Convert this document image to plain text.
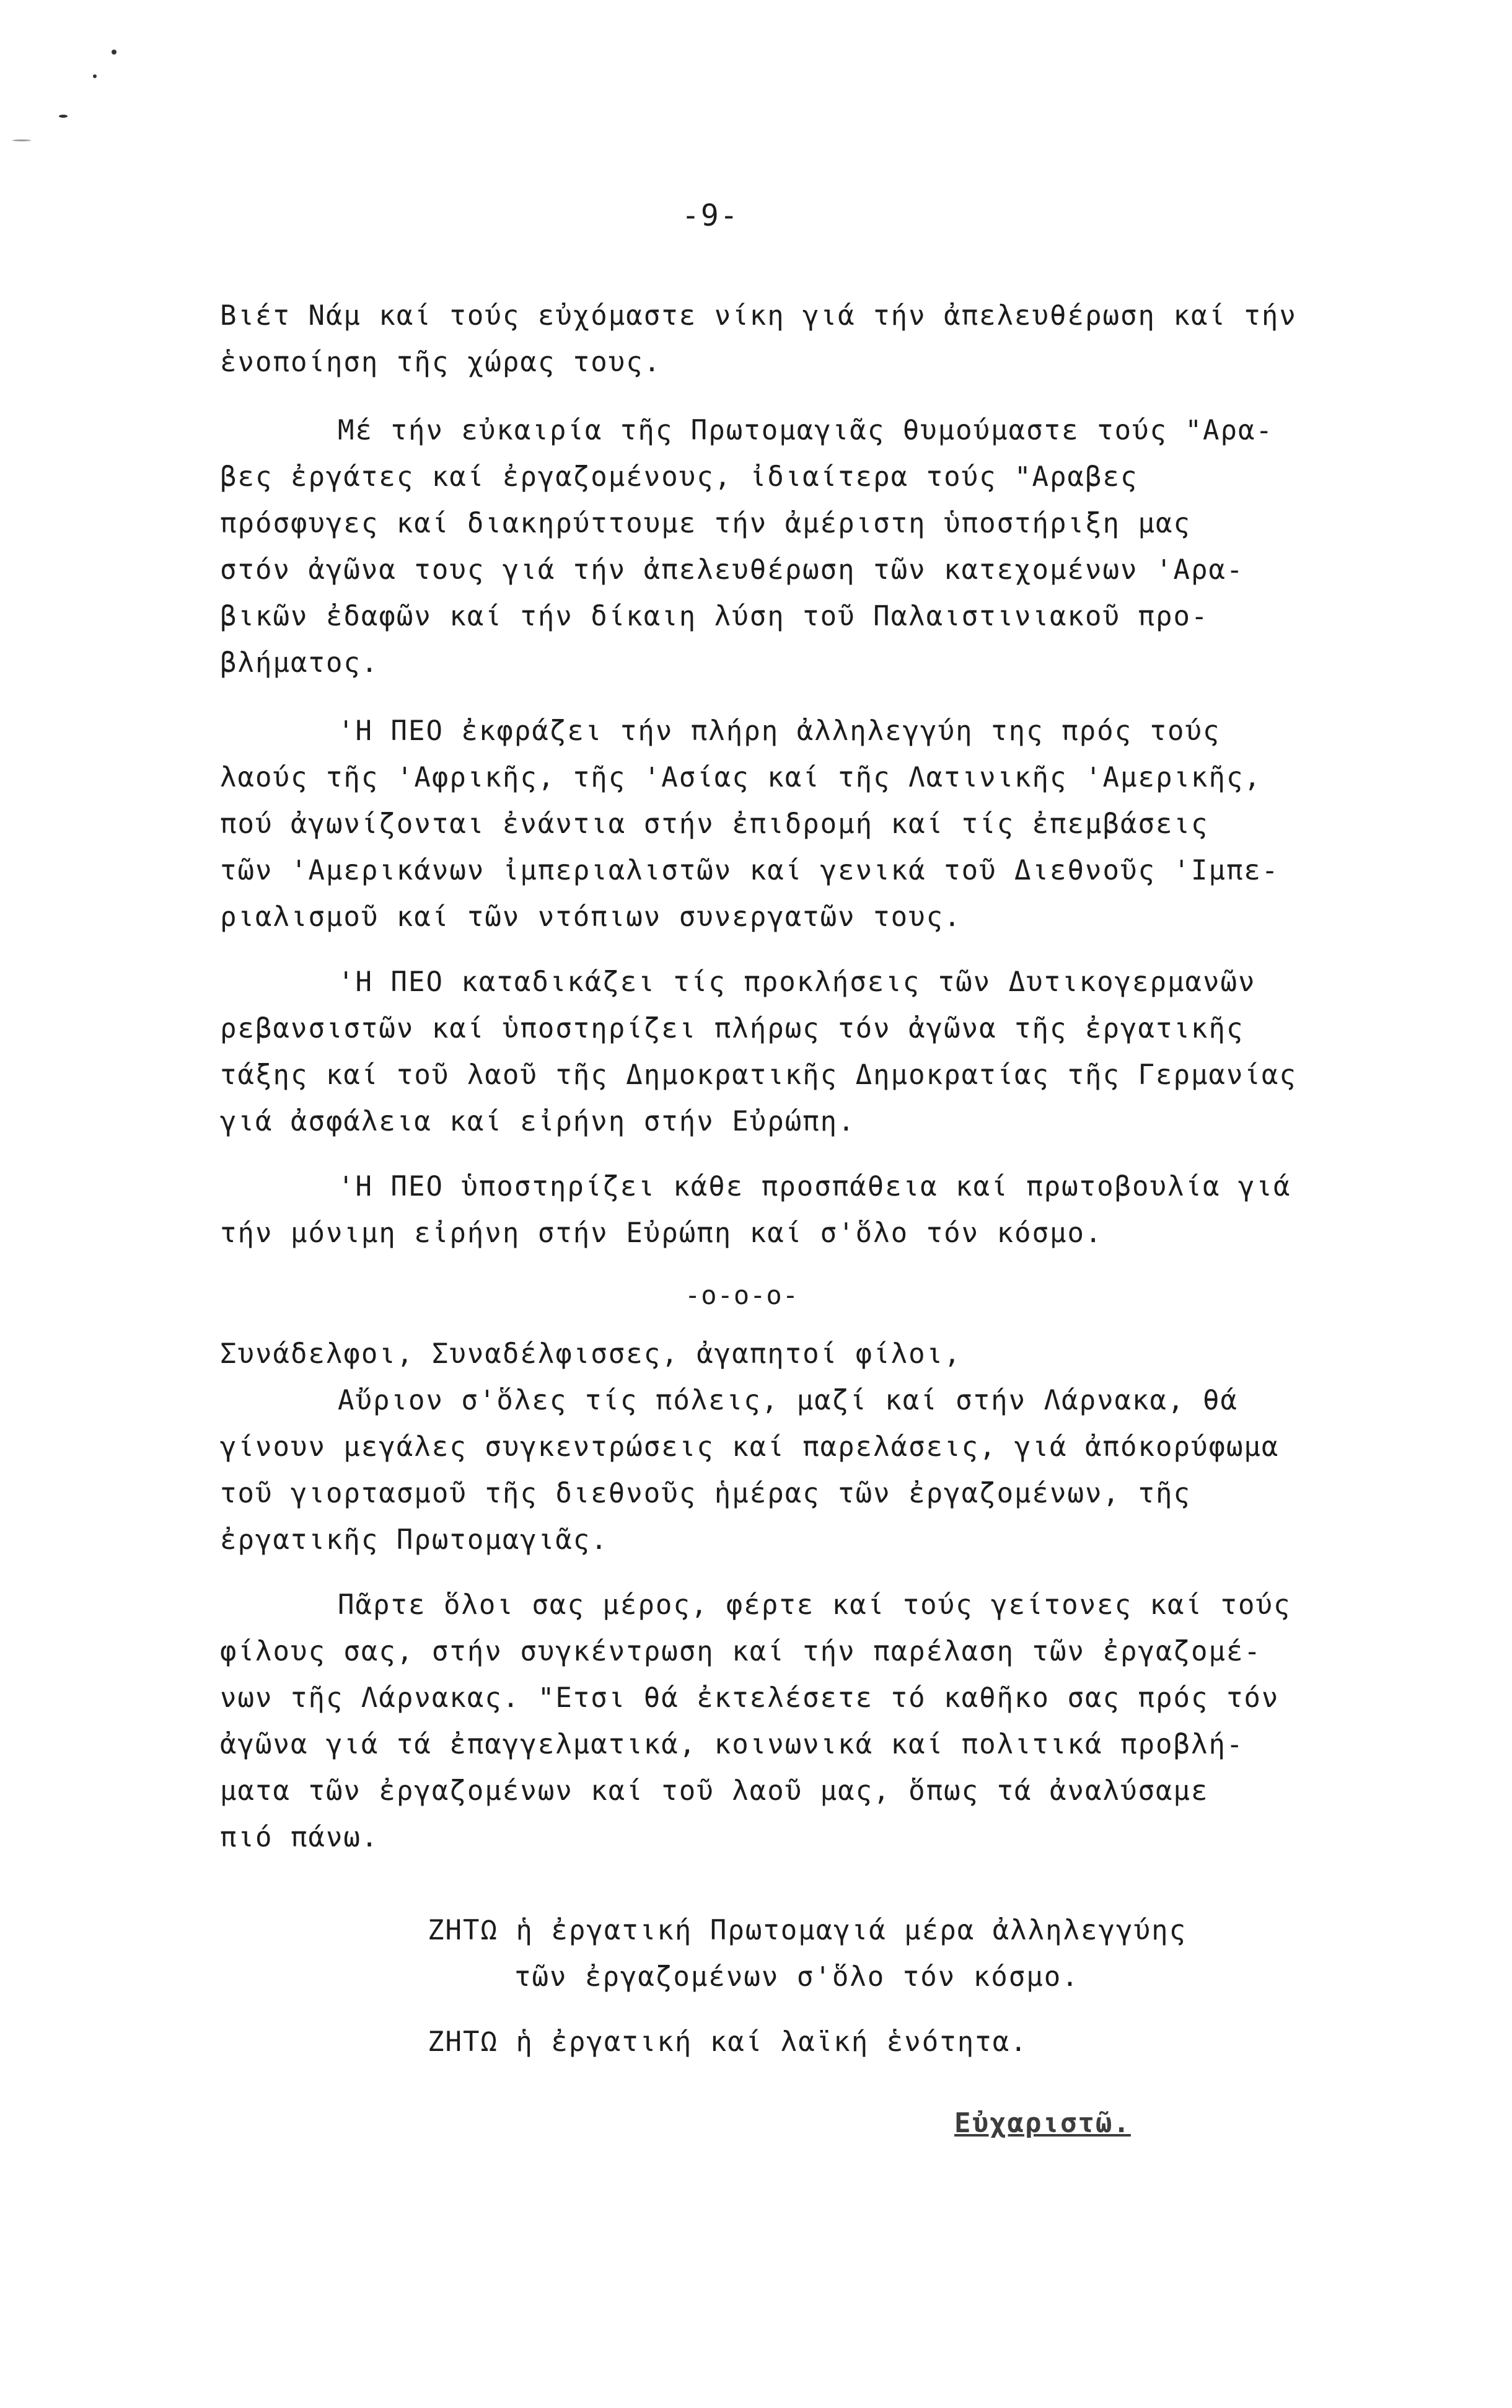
-9-
Βιέτ Νάμ καί τούς εὐχόμαστε νίκη γιά τήν ἀπελευθέρωση καί τήν
ἑνοποίηση τῆς χώρας τους.
Μέ τήν εὐκαιρία τῆς Πρωτομαγιᾶς θυμούμαστε τούς "Αρα-
βες ἐργάτες καί ἐργαζομένους, ἰδιαίτερα τούς "Αραβες
πρόσφυγες καί διακηρύττουμε τήν ἀμέριστη ὑποστήριξη μας
στόν ἀγῶνα τους γιά τήν ἀπελευθέρωση τῶν κατεχομένων 'Αρα-
βικῶν ἐδαφῶν καί τήν δίκαιη λύση τοῦ Παλαιστινιακοῦ προ-
βλήματος.
'Η ΠΕΟ ἐκφράζει τήν πλήρη ἀλληλεγγύη της πρός τούς
λαούς τῆς 'Αφρικῆς, τῆς 'Ασίας καί τῆς Λατινικῆς 'Αμερικῆς,
πού ἀγωνίζονται ἐνάντια στήν ἐπιδρομή καί τίς ἐπεμβάσεις
τῶν 'Αμερικάνων ἰμπεριαλιστῶν καί γενικά τοῦ Διεθνοῦς 'Ιμπε-
ριαλισμοῦ καί τῶν ντόπιων συνεργατῶν τους.
'Η ΠΕΟ καταδικάζει τίς προκλήσεις τῶν Δυτικογερμανῶν
ρεβανσιστῶν καί ὑποστηρίζει πλήρως τόν ἀγῶνα τῆς ἐργατικῆς
τάξης καί τοῦ λαοῦ τῆς Δημοκρατικῆς Δημοκρατίας τῆς Γερμανίας
γιά ἀσφάλεια καί εἰρήνη στήν Εὐρώπη.
'Η ΠΕΟ ὑποστηρίζει κάθε προσπάθεια καί πρωτοβουλία γιά
τήν μόνιμη εἰρήνη στήν Εὐρώπη καί σ'ὅλο τόν κόσμο.
-o-o-o-
Συνάδελφοι, Συναδέλφισσες, ἀγαπητοί φίλοι,
Αὔριον σ'ὅλες τίς πόλεις, μαζί καί στήν Λάρνακα, θά
γίνουν μεγάλες συγκεντρώσεις καί παρελάσεις, γιά ἀπόκορύφωμα
τοῦ γιορτασμοῦ τῆς διεθνοῦς ἡμέρας τῶν ἐργαζομένων, τῆς
ἐργατικῆς Πρωτομαγιᾶς.
Πᾶρτε ὅλοι σας μέρος, φέρτε καί τούς γείτονες καί τούς
φίλους σας, στήν συγκέντρωση καί τήν παρέλαση τῶν ἐργαζομέ-
νων τῆς Λάρνακας. "Ετσι θά ἐκτελέσετε τό καθῆκο σας πρός τόν
ἀγῶνα γιά τά ἐπαγγελματικά, κοινωνικά καί πολιτικά προβλή-
ματα τῶν ἐργαζομένων καί τοῦ λαοῦ μας, ὅπως τά ἀναλύσαμε
πιό πάνω.
ΖΗΤΩ ἡ ἐργατική Πρωτομαγιά μέρα ἀλληλεγγύης
τῶν ἐργαζομένων σ'ὅλο τόν κόσμο.
ΖΗΤΩ ἡ ἐργατική καί λαϊκή ἑνότητα.
Εὐχαριστῶ.
